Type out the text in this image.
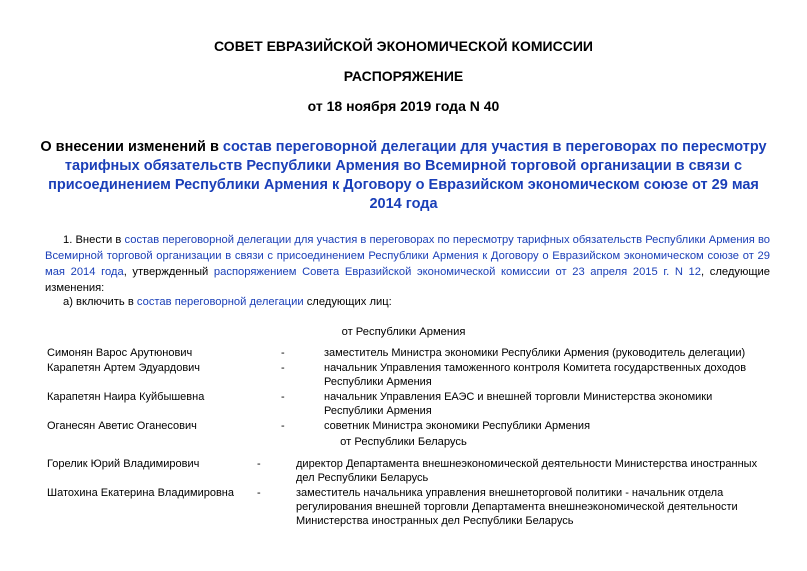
СОВЕТ ЕВРАЗИЙСКОЙ ЭКОНОМИЧЕСКОЙ КОМИССИИ
РАСПОРЯЖЕНИЕ
от 18 ноября 2019 года N 40
О внесении изменений в состав переговорной делегации для участия в переговорах по пересмотру тарифных обязательств Республики Армения во Всемирной торговой организации в связи с присоединением Республики Армения к Договору о Евразийском экономическом союзе от 29 мая 2014 года
1. Внести в состав переговорной делегации для участия в переговорах по пересмотру тарифных обязательств Республики Армения во Всемирной торговой организации в связи с присоединением Республики Армения к Договору о Евразийском экономическом союзе от 29 мая 2014 года, утвержденный распоряжением Совета Евразийской экономической комиссии от 23 апреля 2015 г. N 12, следующие изменения:
а) включить в состав переговорной делегации следующих лиц:
от Республики Армения
Симонян Варос Арутюнович	-	заместитель Министра экономики Республики Армения (руководитель делегации)
Карапетян Артем Эдуардович	-	начальник Управления таможенного контроля Комитета государственных доходов Республики Армения
Карапетян Наира Куйбышевна	-	начальник Управления ЕАЭС и внешней торговли Министерства экономики Республики Армения
Оганесян Аветис Оганесович	-	советник Министра экономики Республики Армения
от Республики Беларусь
Горелик Юрий Владимирович	-	директор Департамента внешнеэкономической деятельности Министерства иностранных дел Республики Беларусь
Шатохина Екатерина Владимировна -	заместитель начальника управления внешнеторговой политики - начальник отдела регулирования внешней торговли Департамента внешнеэкономической деятельности Министерства иностранных дел Республики Беларусь
